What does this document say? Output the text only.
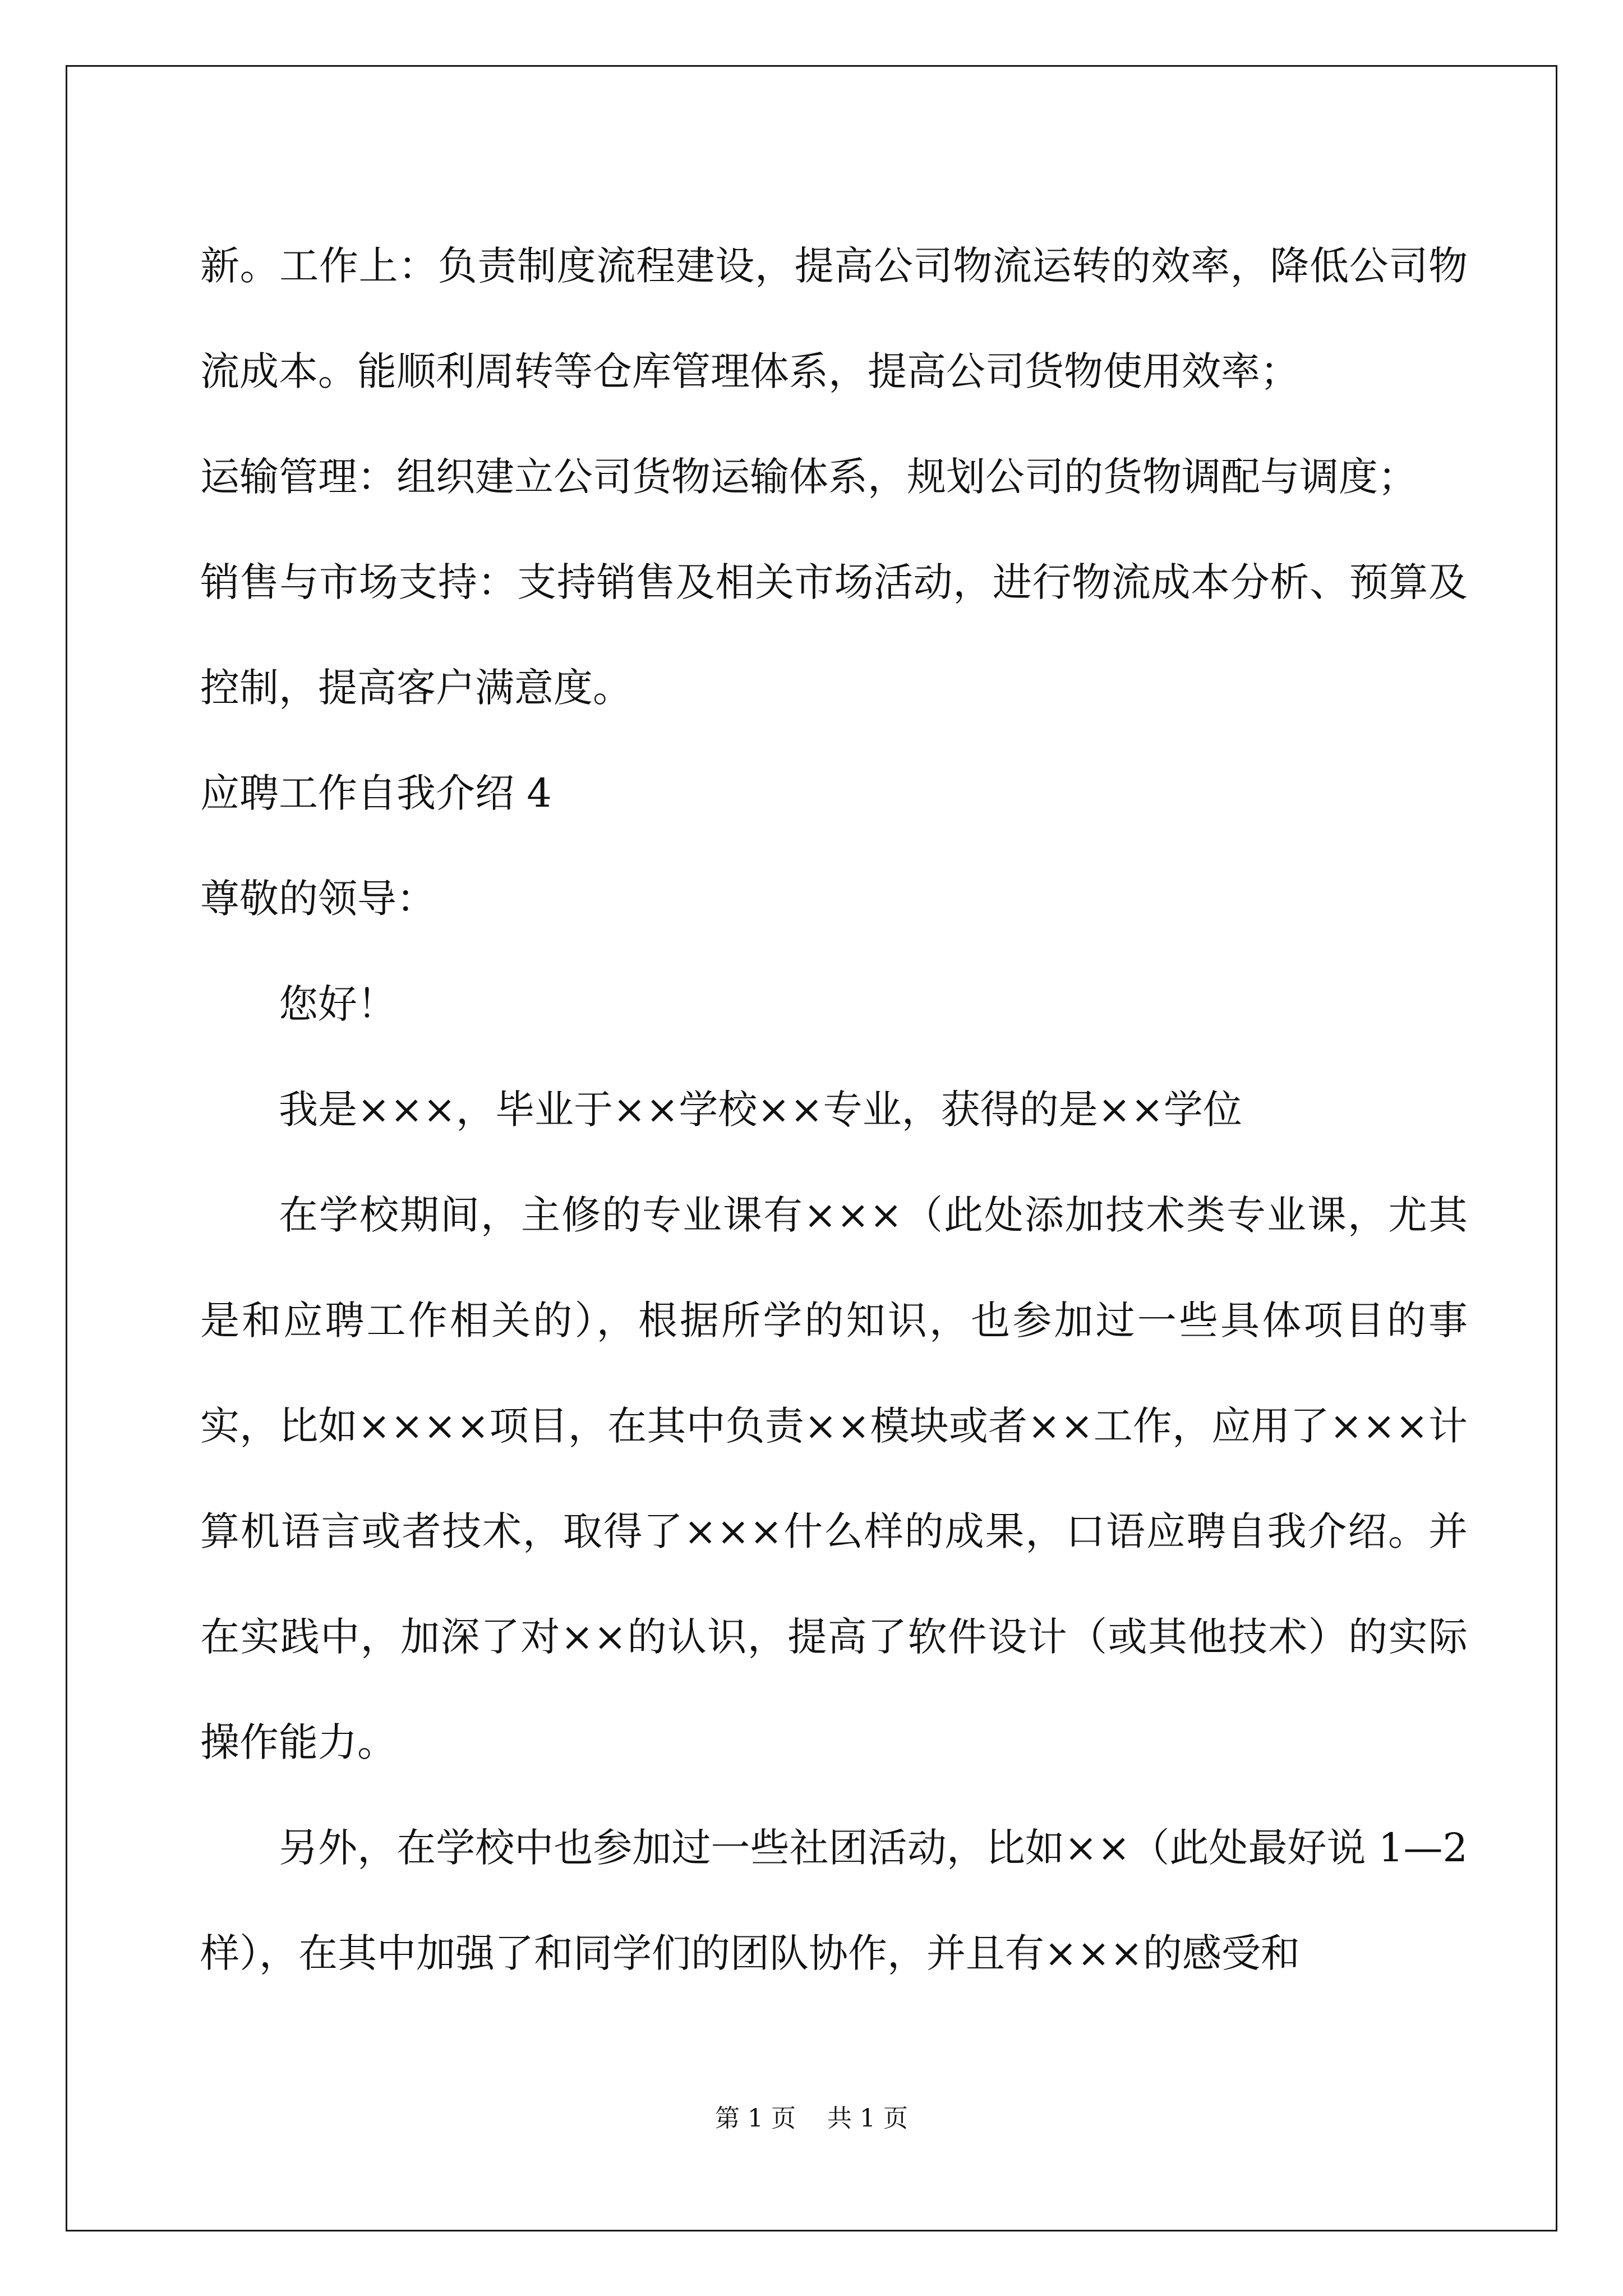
新。工作上：负责制度流程建设，提高公司物流运转的效率，降低公司物流成本。能顺利周转等仓库管理体系，提高公司货物使用效率；

运输管理：组织建立公司货物运输体系，规划公司的货物调配与调度；

销售与市场支持：支持销售及相关市场活动，进行物流成本分析、预算及控制，提高客户满意度。

应聘工作自我介绍 4

尊敬的领导：

您好！

我是×××，毕业于××学校××专业，获得的是××学位

在学校期间，主修的专业课有×××（此处添加技术类专业课，尤其是和应聘工作相关的），根据所学的知识，也参加过一些具体项目的事实，比如××××项目，在其中负责××模块或者××工作，应用了×××计算机语言或者技术，取得了×××什么样的成果，口语应聘自我介绍。并在实践中，加深了对××的认识，提高了软件设计（或其他技术）的实际操作能力。

另外，在学校中也参加过一些社团活动，比如××（此处最好说 1—2 样），在其中加强了和同学们的团队协作，并且有×××的感受和

第 1 页    共 1 页
